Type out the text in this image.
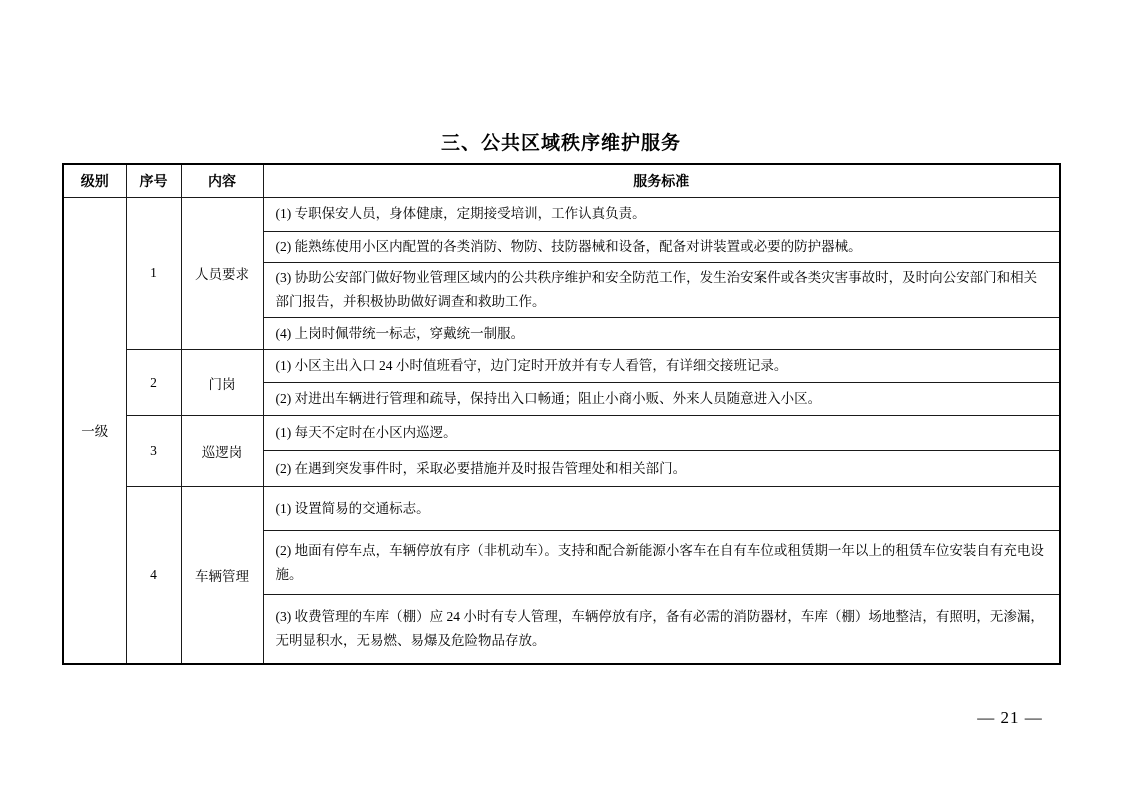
三、公共区域秩序维护服务
级别	序号	内容	服务标准
一级	1	人员要求	(1) 专职保安人员，身体健康，定期接受培训，工作认真负责。
			(2) 能熟练使用小区内配置的各类消防、物防、技防器械和设备，配备对讲装置或必要的防护器械。
			(3) 协助公安部门做好物业管理区域内的公共秩序维护和安全防范工作，发生治安案件或各类灾害事故时，及时向公安部门和相关部门报告，并积极协助做好调查和救助工作。
			(4) 上岗时佩带统一标志，穿戴统一制服。
	2	门岗	(1) 小区主出入口 24 小时值班看守，边门定时开放并有专人看管，有详细交接班记录。
			(2) 对进出车辆进行管理和疏导，保持出入口畅通；阻止小商小贩、外来人员随意进入小区。
	3	巡逻岗	(1) 每天不定时在小区内巡逻。
			(2) 在遇到突发事件时，采取必要措施并及时报告管理处和相关部门。
	4	车辆管理	(1) 设置简易的交通标志。
			(2) 地面有停车点，车辆停放有序（非机动车）。支持和配合新能源小客车在自有车位或租赁期一年以上的租赁车位安装自有充电设施。
			(3) 收费管理的车库（棚）应 24 小时有专人管理，车辆停放有序，备有必需的消防器材，车库（棚）场地整洁，有照明，无渗漏，无明显积水，无易燃、易爆及危险物品存放。
— 21 —
